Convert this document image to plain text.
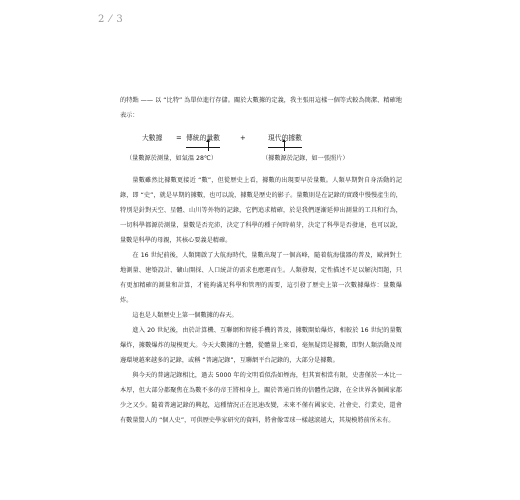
2 ⁄ 3

的特點 —— 以 “比特” 為單位進行存儲。關於大數據的定義，我主張用這樣一個等式較為簡潔、精確地表示：

大數據 = 傳統的量數	+	現代的據數
（量數源於測量，如氣溫 28℃）	（據數源於記錄，如一張照片）

量數雖然比據數更接近 “數”，但從歷史上看，據數的出現要早於量數。人類早期對自身活動的記錄，即 “史”，就是早期的據數，也可以說，據數是歷史的影子。量數則是在記錄的實踐中慢慢產生的，特別是針對天空、星體、山川等外物的記錄，它們追求精確，於是我們逐漸延伸出測量的工具和行為，一切科學都源於測量，量數是否充沛，決定了科學的種子何時萌芽，決定了科學是否發達，也可以說，量數是科學的母親，其核心要義是精確。

在 16 世紀前後，人類開啟了大航海時代，量數出現了一個高峰，隨着航海儀器的普及，歐洲對土地測量、建築設計、礦山開採、人口統計的需求也應運而生。人類發現，定性描述不足以解決問題，只有更加精確的測量和計算，才能夠滿足科學和管理的需要，這引發了歷史上第一次數據爆炸：量數爆炸。

這也是人類歷史上第一個數據的春天。

進入 20 世紀後，由於計算機、互聯網和智能手機的普及，據數開始爆炸，相較於 16 世紀的量數爆炸，據數爆炸的規模更大。今天大數據的主體，從體量上來看，毫無疑問是據數，即對人類活動及周邊環境越來越多的記錄，或稱 “普適記錄”，互聯網平台記錄的，大部分是據數。

與今天的普適記錄相比，過去 5000 年的文明看似浩如煙海，但其實相當有限，史書僅於一本比一本厚，但大部分都聚焦在為數不多的帝王將相身上，關於普通百姓的信體性記錄，在全世界各個國家都少之又少。隨着普適記錄的興起，這種情況正在迅速改變，未來不僅有國家史、社會史、行業史，還會有數量驚人的 “個人史”，可供歷史學家研究的資料，將會像雪球一樣越滾越大，其規模將前所未有。
